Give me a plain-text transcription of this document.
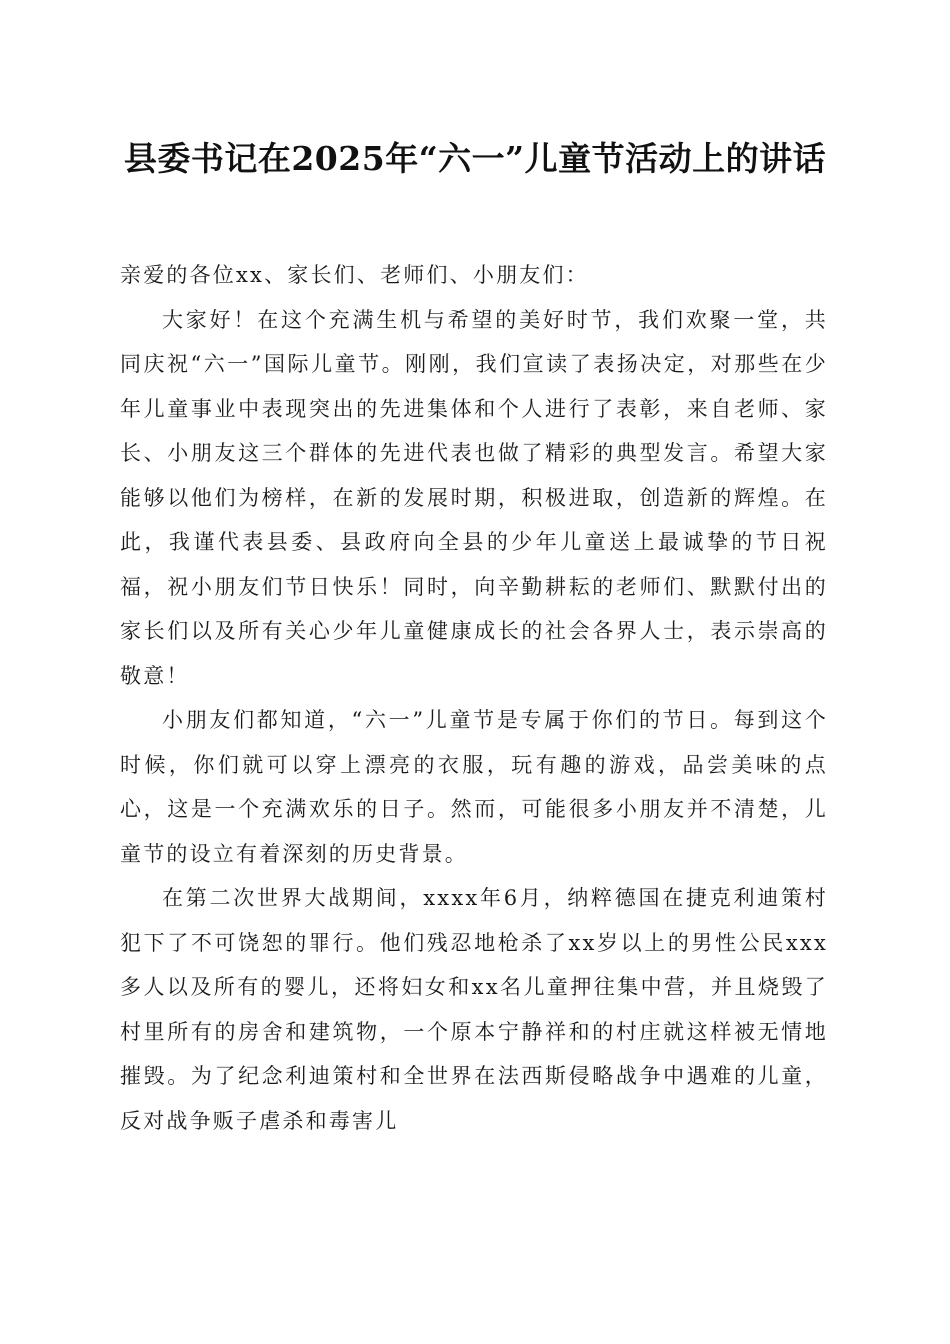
县委书记在2025年“六一”儿童节活动上的讲话

亲爱的各位xx、家长们、老师们、小朋友们：

大家好！在这个充满生机与希望的美好时节，我们欢聚一堂，共同庆祝“六一”国际儿童节。刚刚，我们宣读了表扬决定，对那些在少年儿童事业中表现突出的先进集体和个人进行了表彰，来自老师、家长、小朋友这三个群体的先进代表也做了精彩的典型发言。希望大家能够以他们为榜样，在新的发展时期，积极进取，创造新的辉煌。在此，我谨代表县委、县政府向全县的少年儿童送上最诚挚的节日祝福，祝小朋友们节日快乐！同时，向辛勤耕耘的老师们、默默付出的家长们以及所有关心少年儿童健康成长的社会各界人士，表示崇高的敬意！

小朋友们都知道，“六一”儿童节是专属于你们的节日。每到这个时候，你们就可以穿上漂亮的衣服，玩有趣的游戏，品尝美味的点心，这是一个充满欢乐的日子。然而，可能很多小朋友并不清楚，儿童节的设立有着深刻的历史背景。

在第二次世界大战期间，xxxx年6月，纳粹德国在捷克利迪策村犯下了不可饶恕的罪行。他们残忍地枪杀了xx岁以上的男性公民xxx多人以及所有的婴儿，还将妇女和xx名儿童押往集中营，并且烧毁了村里所有的房舍和建筑物，一个原本宁静祥和的村庄就这样被无情地摧毁。为了纪念利迪策村和全世界在法西斯侵略战争中遇难的儿童，反对战争贩子虐杀和毒害儿
